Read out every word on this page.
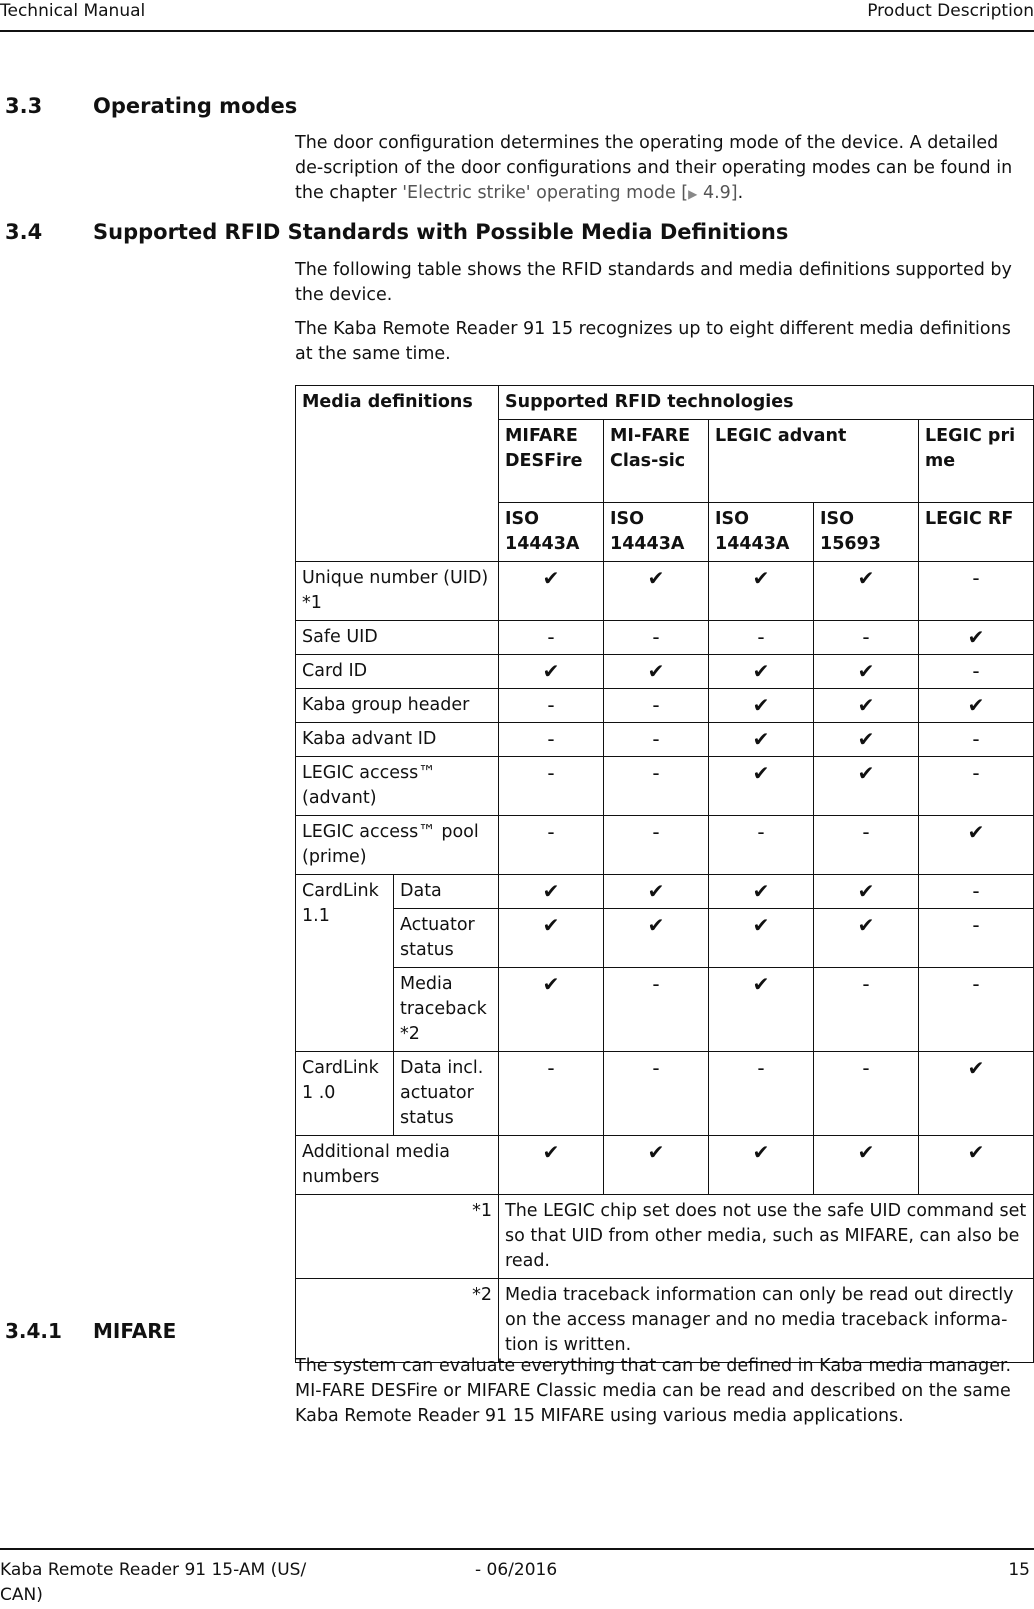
Technical Manual	Product Description
3.3 Operating modes

The door configuration determines the operating mode of the device. A detailed de-scription of the door configurations and their operating modes can be found in the chapter 'Electric strike' operating mode [▶ 4.9].

3.4 Supported RFID Standards with Possible Media Definitions

The following table shows the RFID standards and media definitions supported by the device.

The Kaba Remote Reader 91 15 recognizes up to eight different media definitions at the same time.

Media definitions		Supported RFID technologies				
		MIFARE DESFire	MI-FARE Clas-sic	LEGIC advant		LEGIC pri me
		ISO 14443A	ISO 14443A	ISO 14443A	ISO 15693	LEGIC RF
Unique number (UID) *1		✔	✔	✔	✔	-
Safe UID		-	-	-	-	✔
Card ID		✔	✔	✔	✔	-
Kaba group header		-	-	✔	✔	✔
Kaba advant ID		-	-	✔	✔	-
LEGIC access™ (advant)		-	-	✔	✔	-
LEGIC access™ pool (prime)		-	-	-	-	✔
CardLink 1.1	Data	✔	✔	✔	✔	-
	Actuator status	✔	✔	✔	✔	-
	Media traceback *2	✔	-	✔	-	-
CardLink 1 .0	Data incl. actuator status	-	-	-	-	✔
Additional media numbers		✔	✔	✔	✔	✔
*1		The LEGIC chip set does not use the safe UID command set so that UID from other media, such as MIFARE, can also be read.				
*2		Media traceback information can only be read out directly on the access manager and no media traceback informa-tion is written.				
3.4.1 MIFARE

The system can evaluate everything that can be defined in Kaba media manager. MI-FARE DESFire or MIFARE Classic media can be read and described on the same Kaba Remote Reader 91 15 MIFARE using various media applications.

Kaba Remote Reader 91 15-AM (US/ CAN)
- 06/2016	15
